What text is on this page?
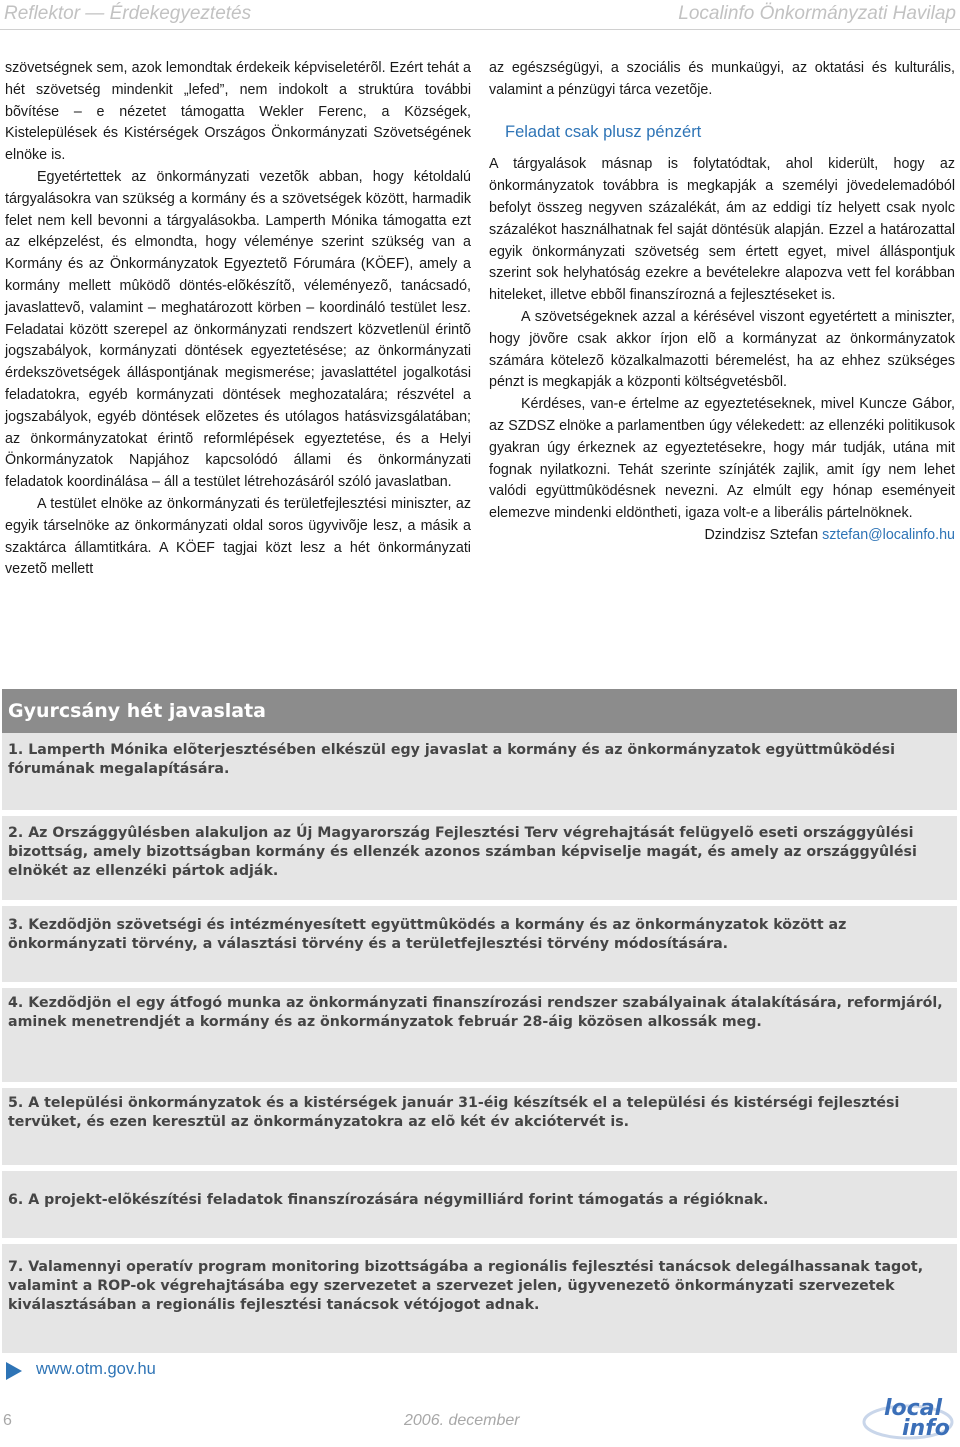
Reflektor — Érdekegyeztetés	Localinfo Önkormányzati Havilap

szövetségnek sem, azok lemondtak érdekeik képviseletérõl. Ezért tehát a hét szövetség mindenkit „lefed”, nem indokolt a struktúra további bõvítése – e nézetet támogatta Wekler Ferenc, a Községek, Kistelepülések és Kistérségek Országos Önkormányzati Szövetségének elnöke is.

Egyetértettek az önkormányzati vezetõk abban, hogy kétoldalú tárgyalásokra van szükség a kormány és a szövetségek között, harmadik felet nem kell bevonni a tárgyalásokba. Lamperth Mónika támogatta ezt az elképzelést, és elmondta, hogy véleménye szerint szükség van a Kormány és az Önkormányzatok Egyeztetõ Fórumára (KÖEF), amely a kormány mellett mûködõ döntés-elõkészítõ, véleményezõ, tanácsadó, javaslattevõ, valamint – meghatározott körben – koordináló testület lesz. Feladatai között szerepel az önkormányzati rendszert közvetlenül érintõ jogszabályok, kormányzati döntések egyeztetésése; az önkormányzati érdekszövetségek álláspontjának megismerése; javaslattétel jogalkotási feladatokra, egyéb kormányzati döntések meghozatalára; részvétel a jogszabályok, egyéb döntések elõzetes és utólagos hatásvizsgálatában; az önkormányzatokat érintõ reformlépések egyeztetése, és a Helyi Önkormányzatok Napjához kapcsolódó állami és önkormányzati feladatok koordinálása – áll a testület létrehozásáról szóló javaslatban.

A testület elnöke az önkormányzati és területfejlesztési miniszter, az egyik társelnöke az önkormányzati oldal soros ügyvivõje lesz, a másik a szaktárca államtitkára. A KÖEF tagjai közt lesz a hét önkormányzati vezetõ mellett

az egészségügyi, a szociális és munkaügyi, az oktatási és kulturális, valamint a pénzügyi tárca vezetõje.

Feladat csak plusz pénzért

A tárgyalások másnap is folytatódtak, ahol kiderült, hogy az önkormányzatok továbbra is megkapják a személyi jövedelemadóból befolyt összeg negyven százalékát, ám az eddigi tíz helyett csak nyolc százalékot használhatnak fel saját döntésük alapján. Ezzel a határozattal egyik önkormányzati szövetség sem értett egyet, mivel álláspontjuk szerint sok helyhatóság ezekre a bevételekre alapozva vett fel korábban hiteleket, illetve ebbõl finanszírozná a fejlesztéseket is.

A szövetségeknek azzal a kérésével viszont egyetértett a miniszter, hogy jövõre csak akkor írjon elõ a kormányzat az önkormányzatok számára kötelezõ közalkalmazotti béremelést, ha az ehhez szükséges pénzt is megkapják a központi költségvetésbõl.

Kérdéses, van-e értelme az egyeztetéseknek, mivel Kuncze Gábor, az SZDSZ elnöke a parlamentben úgy vélekedett: az ellenzéki politikusok gyakran úgy érkeznek az egyeztetésekre, hogy már tudják, utána mit fognak nyilatkozni. Tehát szerinte színjáték zajlik, amit így nem lehet valódi együttmûködésnek nevezni. Az elmúlt egy hónap eseményeit elemezve mindenki eldöntheti, igaza volt-e a liberális pártelnöknek.

Dzindzisz Sztefan sztefan@localinfo.hu

Gyurcsány hét javaslata
1. Lamperth Mónika elõterjesztésében elkészül egy javaslat a kormány és az önkormányzatok együttmûködési fórumának megalapítására.
2. Az Országgyûlésben alakuljon az Új Magyarország Fejlesztési Terv végrehajtását felügyelõ eseti országgyûlési bizottság, amely bizottságban kormány és ellenzék azonos számban képviselje magát, és amely az országgyûlési elnökét az ellenzéki pártok adják.
3. Kezdõdjön szövetségi és intézményesített együttmûködés a kormány és az önkormányzatok között az önkormányzati törvény, a választási törvény és a területfejlesztési törvény módosítására.
4. Kezdõdjön el egy átfogó munka az önkormányzati finanszírozási rendszer szabályainak átalakítására, reformjáról, aminek menetrendjét a kormány és az önkormányzatok február 28-áig közösen alkossák meg.
5. A települési önkormányzatok és a kistérségek január 31-éig készítsék el a települési és kistérségi fejlesztési tervüket, és ezen keresztül az önkormányzatokra az elõ két év akciótervét is.
6. A projekt-elõkészítési feladatok finanszírozására négymilliárd forint támogatás a régióknak.
7. Valamennyi operatív program monitoring bizottságába a regionális fejlesztési tanácsok delegálhassanak tagot, valamint a ROP-ok végrehajtásába egy szervezetet a szervezet jelen, ügyvenezetõ önkormányzati szervezetek kiválasztásában a regionális fejlesztési tanácsok vétójogot adnak.
www.otm.gov.hu
6	2006. december	local
info
